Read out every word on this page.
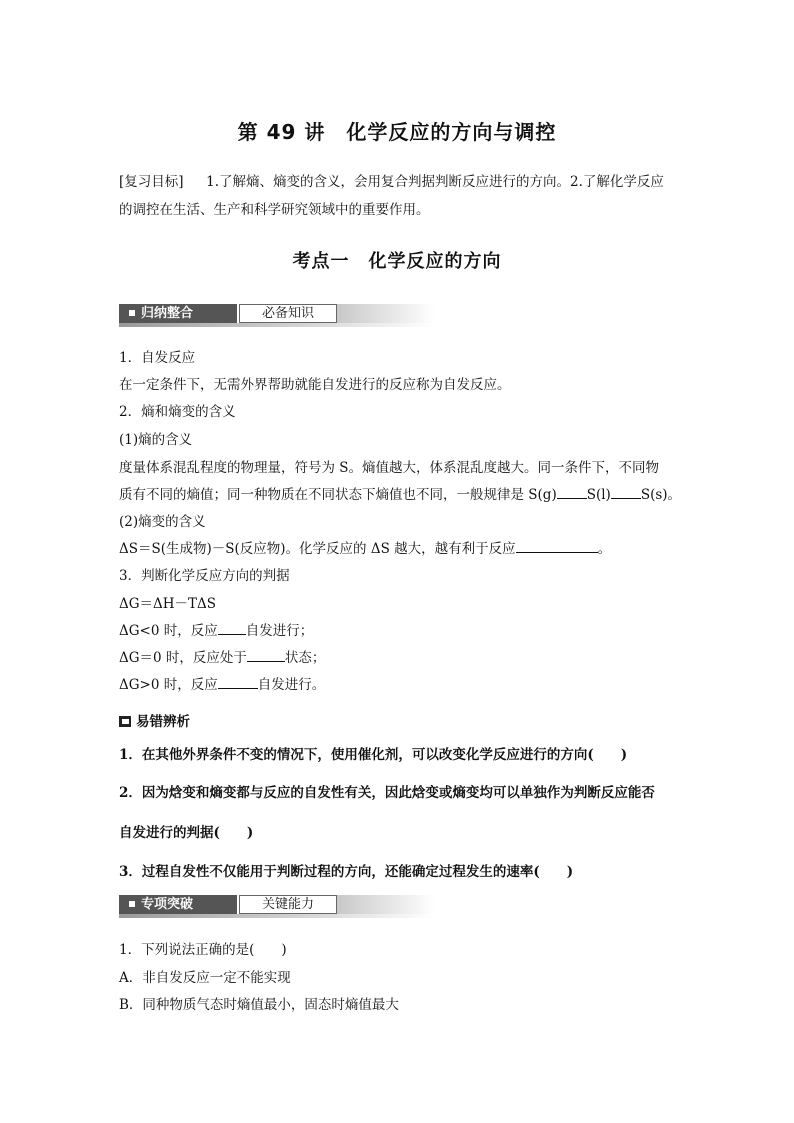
第 49 讲　化学反应的方向与调控
[复习目标] 1.了解熵、熵变的含义，会用复合判据判断反应进行的方向。2.了解化学反应
的调控在生活、生产和科学研究领域中的重要作用。
考点一　化学反应的方向
归纳整合	必备知识
1．自发反应
在一定条件下，无需外界帮助就能自发进行的反应称为自发反应。
2．熵和熵变的含义
(1)熵的含义
度量体系混乱程度的物理量，符号为 S。熵值越大，体系混乱度越大。同一条件下，不同物
质有不同的熵值；同一种物质在不同状态下熵值也不同，一般规律是 S(g) S(l) S(s)。
(2)熵变的含义
ΔS＝S(生成物)－S(反应物)。化学反应的 ΔS 越大，越有利于反应	。
3．判断化学反应方向的判据
ΔG＝ΔH－TΔS
ΔG<0 时，反应 自发进行；
ΔG＝0 时，反应处于	状态；
ΔG>0 时，反应	自发进行。
易错辨析
1．在其他外界条件不变的情况下，使用催化剂，可以改变化学反应进行的方向(　　)
2．因为焓变和熵变都与反应的自发性有关，因此焓变或熵变均可以单独作为判断反应能否
自发进行的判据(　　)
3．过程自发性不仅能用于判断过程的方向，还能确定过程发生的速率(　　)
专项突破	关键能力
1．下列说法正确的是(　　)
A．非自发反应一定不能实现
B．同种物质气态时熵值最小，固态时熵值最大
